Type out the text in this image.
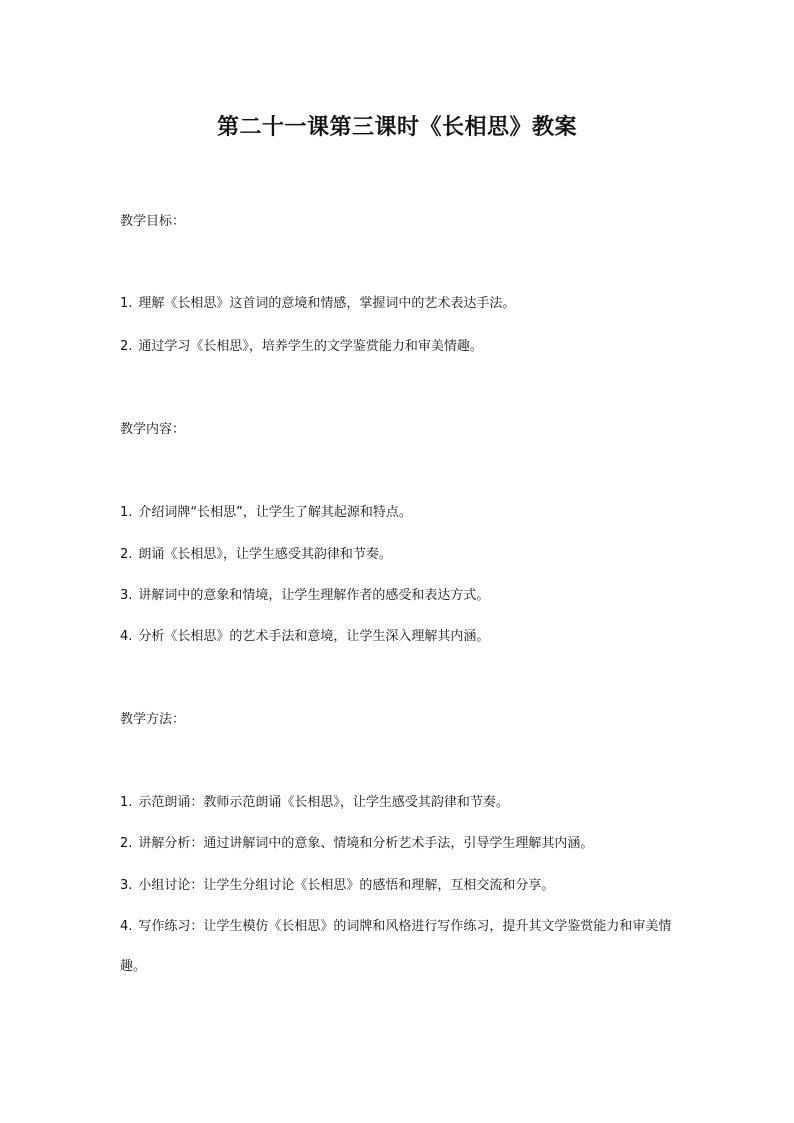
第二十一课第三课时《长相思》教案
教学目标：
1. 理解《长相思》这首词的意境和情感，掌握词中的艺术表达手法。
2. 通过学习《长相思》，培养学生的文学鉴赏能力和审美情趣。
教学内容：
1. 介绍词牌“长相思”，让学生了解其起源和特点。
2. 朗诵《长相思》，让学生感受其韵律和节奏。
3. 讲解词中的意象和情境，让学生理解作者的感受和表达方式。
4. 分析《长相思》的艺术手法和意境，让学生深入理解其内涵。
教学方法：
1. 示范朗诵：教师示范朗诵《长相思》，让学生感受其韵律和节奏。
2. 讲解分析：通过讲解词中的意象、情境和分析艺术手法，引导学生理解其内涵。
3. 小组讨论：让学生分组讨论《长相思》的感悟和理解，互相交流和分享。
4. 写作练习：让学生模仿《长相思》的词牌和风格进行写作练习，提升其文学鉴赏能力和审美情趣。
